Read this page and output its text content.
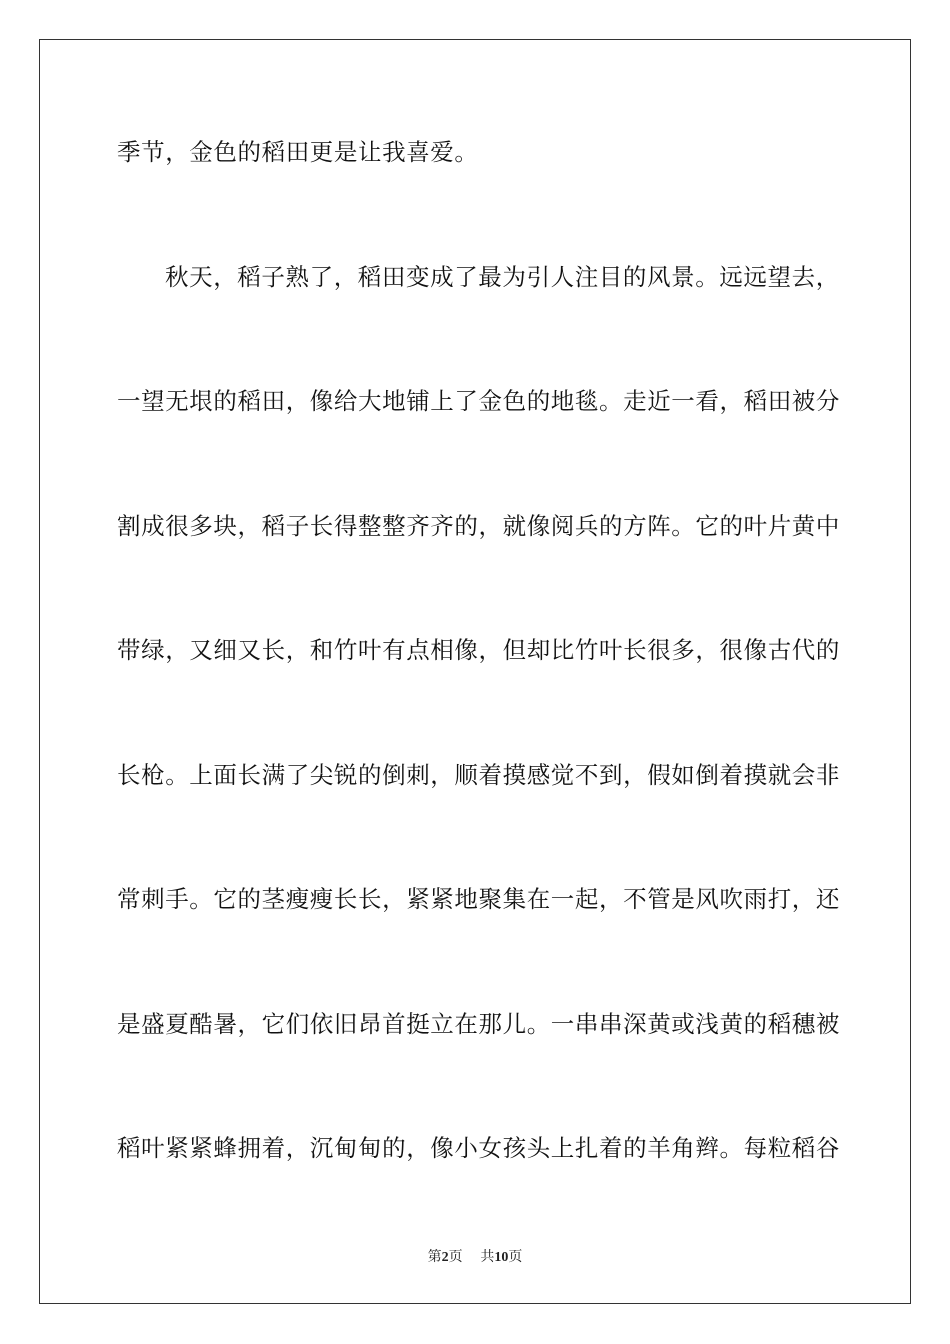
季节，金色的稻田更是让我喜爱。
秋天，稻子熟了，稻田变成了最为引人注目的风景。远远望去，
一望无垠的稻田，像给大地铺上了金色的地毯。走近一看，稻田被分
割成很多块，稻子长得整整齐齐的，就像阅兵的方阵。它的叶片黄中
带绿，又细又长，和竹叶有点相像，但却比竹叶长很多，很像古代的
长枪。上面长满了尖锐的倒刺，顺着摸感觉不到，假如倒着摸就会非
常刺手。它的茎瘦瘦长长，紧紧地聚集在一起，不管是风吹雨打，还
是盛夏酷暑，它们依旧昂首挺立在那儿。一串串深黄或浅黄的稻穗被
稻叶紧紧蜂拥着，沉甸甸的，像小女孩头上扎着的羊角辫。每粒稻谷
第2页 共10页
